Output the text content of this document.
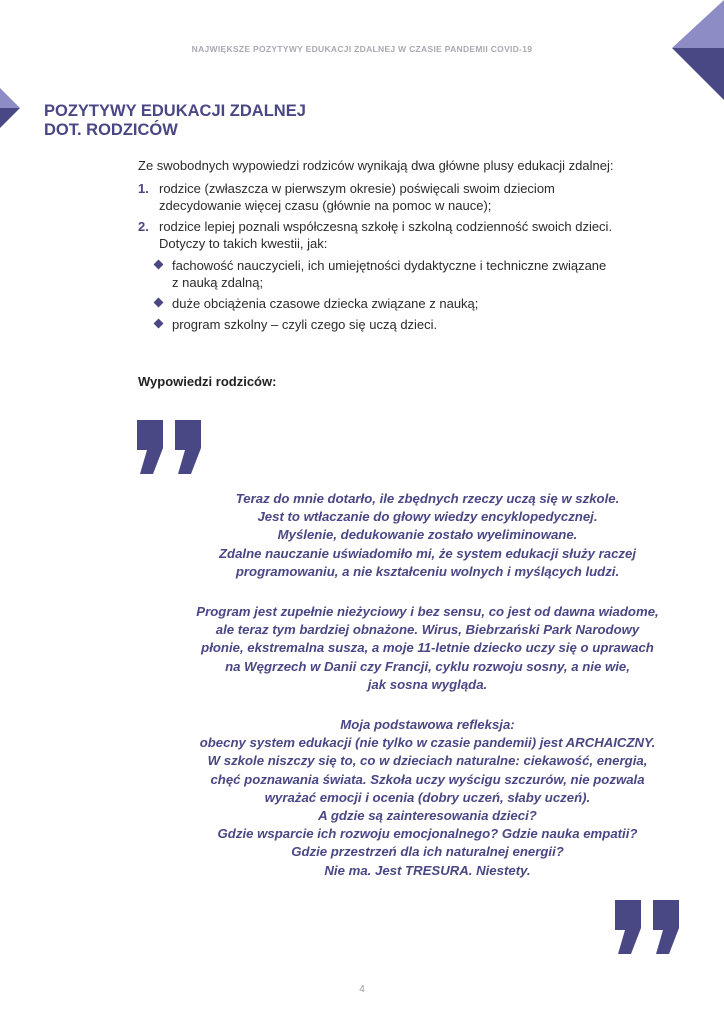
NAJWIĘKSZE POZYTYWY EDUKACJI ZDALNEJ W CZASIE PANDEMII COVID-19
POZYTYWY EDUKACJI ZDALNEJ
DOT. RODZICÓW
Ze swobodnych wypowiedzi rodziców wynikają dwa główne plusy edukacji zdalnej:
1. rodzice (zwłaszcza w pierwszym okresie) poświęcali swoim dzieciom
zdecydowanie więcej czasu (głównie na pomoc w nauce);
2. rodzice lepiej poznali współczesną szkołę i szkolną codzienność swoich dzieci.
Dotyczy to takich kwestii, jak:
fachowość nauczycieli, ich umiejętności dydaktyczne i techniczne związane
z nauką zdalną;
duże obciążenia czasowe dziecka związane z nauką;
program szkolny – czyli czego się uczą dzieci.
Wypowiedzi rodziców:
Teraz do mnie dotarło, ile zbędnych rzeczy uczą się w szkole.
Jest to wtłaczanie do głowy wiedzy encyklopedycznej.
Myślenie, dedukowanie zostało wyeliminowane.
Zdalne nauczanie uświadomiło mi, że system edukacji służy raczej
programowaniu, a nie kształceniu wolnych i myślących ludzi.
Program jest zupełnie nieżyciowy i bez sensu, co jest od dawna wiadome,
ale teraz tym bardziej obnażone. Wirus, Biebrzański Park Narodowy
płonie, ekstremalna susza, a moje 11-letnie dziecko uczy się o uprawach
na Węgrzech w Danii czy Francji, cyklu rozwoju sosny, a nie wie,
jak sosna wygląda.
Moja podstawowa refleksja:
obecny system edukacji (nie tylko w czasie pandemii) jest ARCHAICZNY.
W szkole niszczy się to, co w dzieciach naturalne: ciekawość, energia,
chęć poznawania świata. Szkoła uczy wyścigu szczurów, nie pozwala
wyrażać emocji i ocenia (dobry uczeń, słaby uczeń).
A gdzie są zainteresowania dzieci?
Gdzie wsparcie ich rozwoju emocjonalnego? Gdzie nauka empatii?
Gdzie przestrzeń dla ich naturalnej energii?
Nie ma. Jest TRESURA. Niestety.
4
